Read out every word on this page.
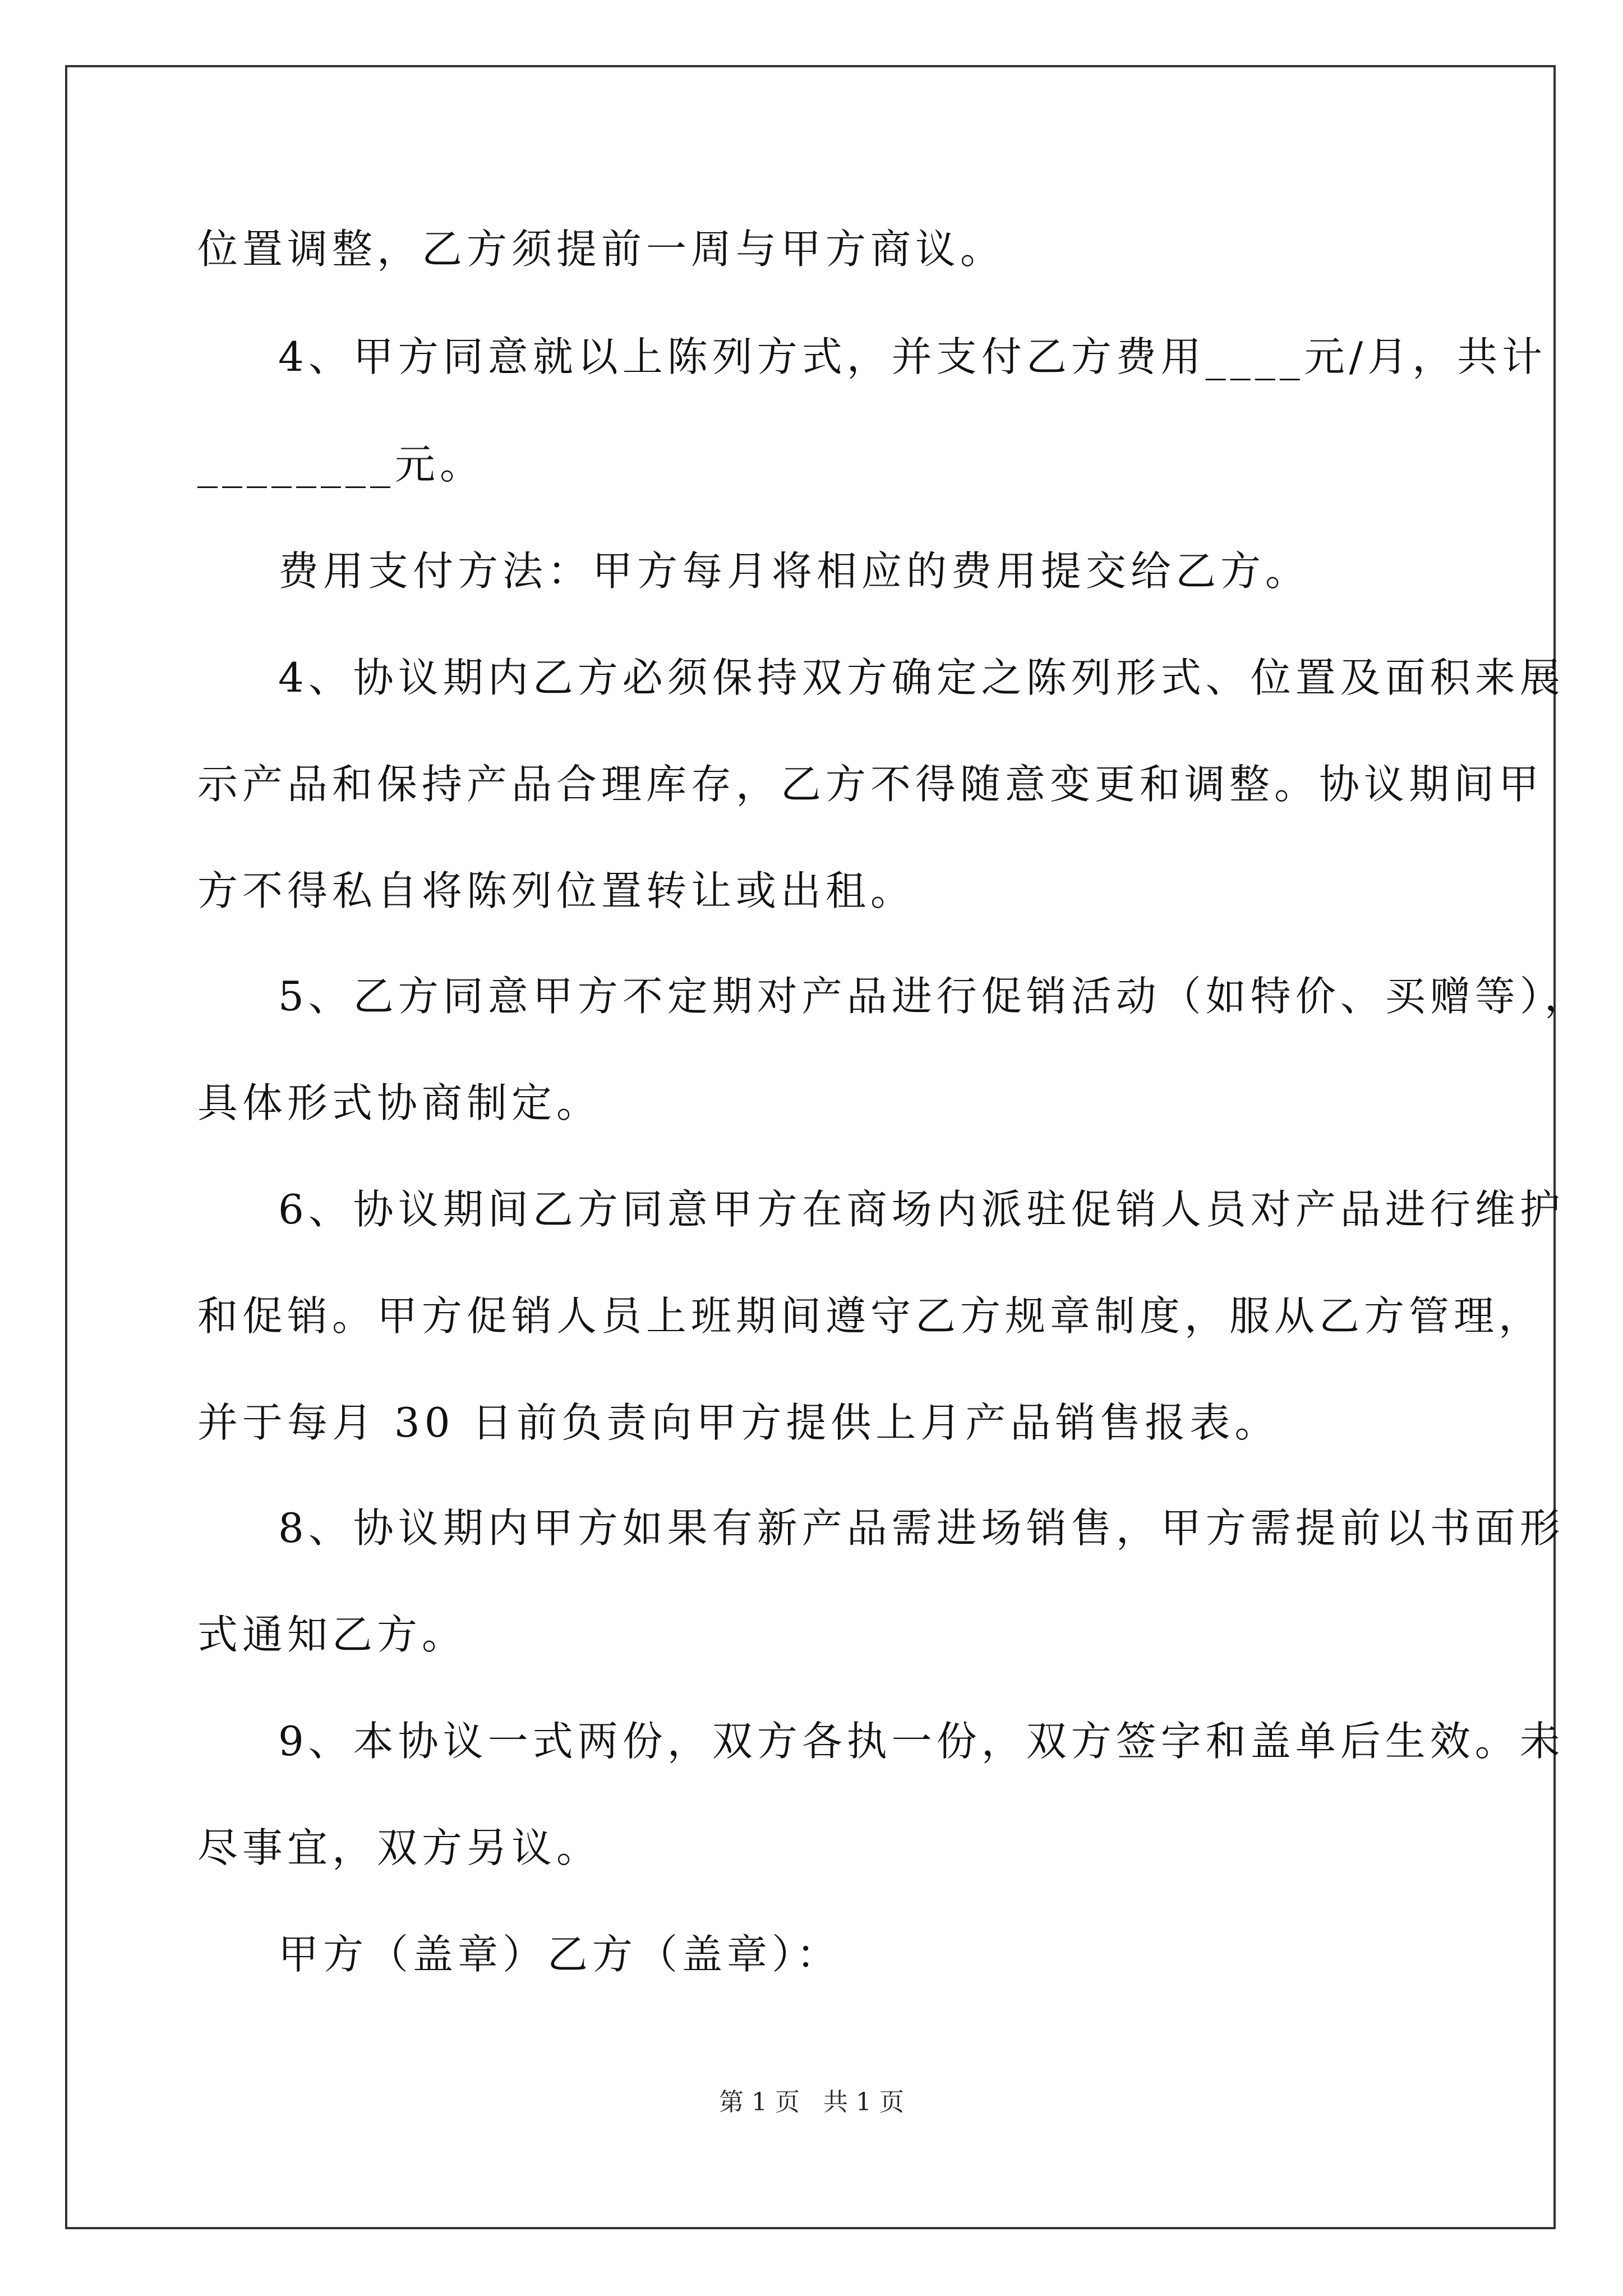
位置调整，乙方须提前一周与甲方商议。
4、甲方同意就以上陈列方式，并支付乙方费用____元/月，共计
________元。
费用支付方法：甲方每月将相应的费用提交给乙方。
4、协议期内乙方必须保持双方确定之陈列形式、位置及面积来展
示产品和保持产品合理库存，乙方不得随意变更和调整。协议期间甲
方不得私自将陈列位置转让或出租。
5、乙方同意甲方不定期对产品进行促销活动（如特价、买赠等），
具体形式协商制定。
6、协议期间乙方同意甲方在商场内派驻促销人员对产品进行维护
和促销。甲方促销人员上班期间遵守乙方规章制度，服从乙方管理，
并于每月 30 日前负责向甲方提供上月产品销售报表。
8、协议期内甲方如果有新产品需进场销售，甲方需提前以书面形
式通知乙方。
9、本协议一式两份，双方各执一份，双方签字和盖单后生效。未
尽事宜，双方另议。
甲方（盖章）乙方（盖章）：
第 1 页 共 1 页
